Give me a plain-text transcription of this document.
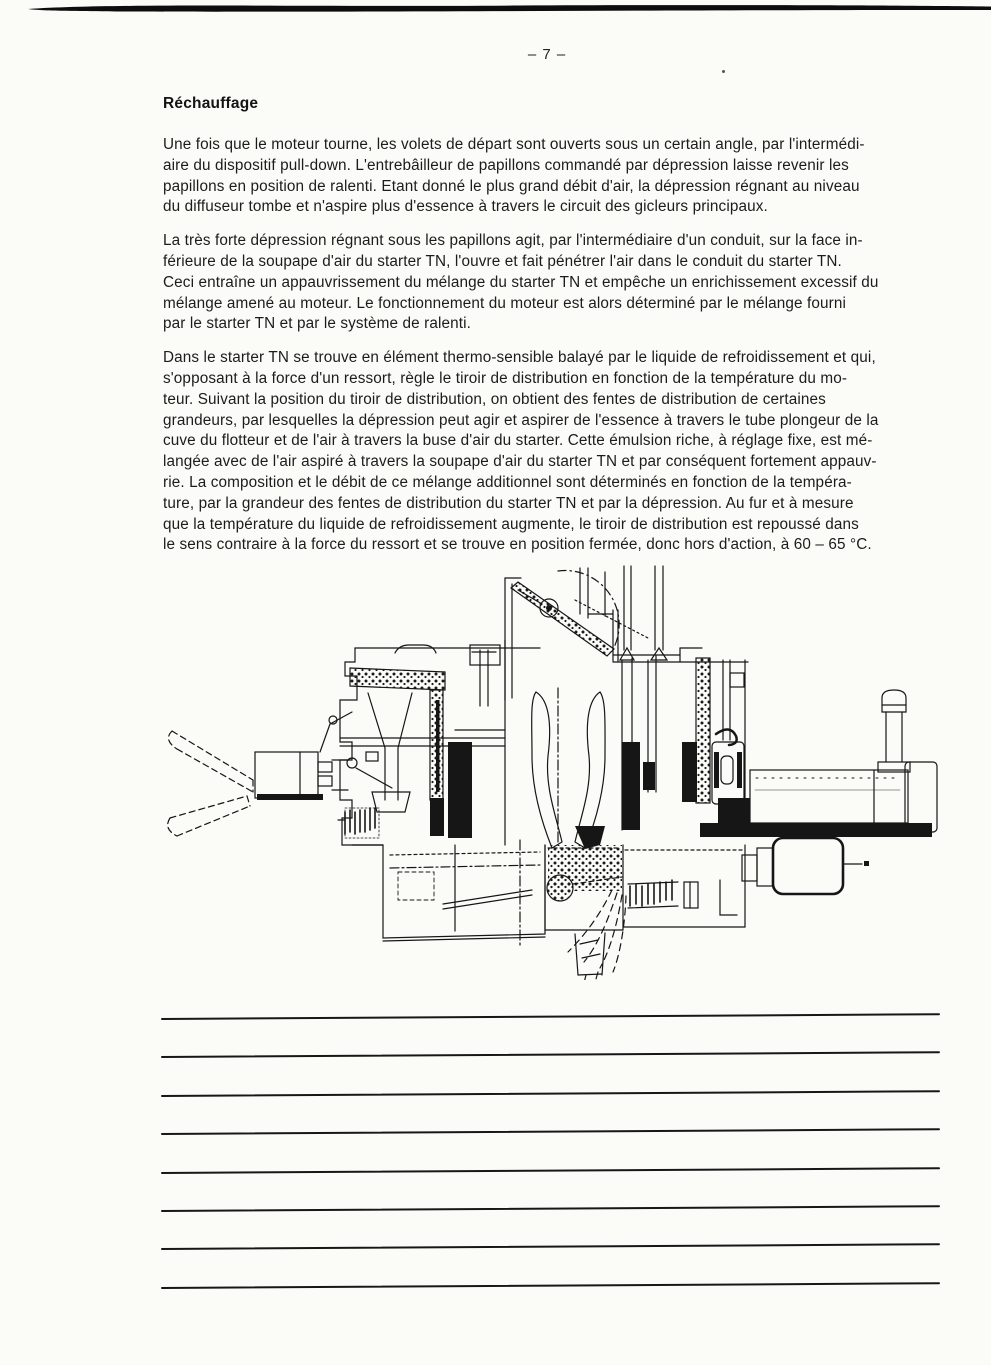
– 7 –
Réchauffage
Une fois que le moteur tourne, les volets de départ sont ouverts sous un certain angle, par l'intermédi-
aire du dispositif pull-down. L'entrebâilleur de papillons commandé par dépression laisse revenir les
papillons en position de ralenti. Etant donné le plus grand débit d'air, la dépression régnant au niveau
du diffuseur tombe et n'aspire plus d'essence à travers le circuit des gicleurs principaux.
La très forte dépression régnant sous les papillons agit, par l'intermédiaire d'un conduit, sur la face in-
férieure de la soupape d'air du starter TN, l'ouvre et fait pénétrer l'air dans le conduit du starter TN.
Ceci entraîne un appauvrissement du mélange du starter TN et empêche un enrichissement excessif du
mélange amené au moteur. Le fonctionnement du moteur est alors déterminé par le mélange fourni
par le starter TN et par le système de ralenti.
Dans le starter TN se trouve en élément thermo-sensible balayé par le liquide de refroidissement et qui,
s'opposant à la force d'un ressort, règle le tiroir de distribution en fonction de la température du mo-
teur. Suivant la position du tiroir de distribution, on obtient des fentes de distribution de certaines
grandeurs, par lesquelles la dépression peut agir et aspirer de l'essence à travers le tube plongeur de la
cuve du flotteur et de l'air à travers la buse d'air du starter. Cette émulsion riche, à réglage fixe, est mé-
langée avec de l'air aspiré à travers la soupape d'air du starter TN et par conséquent fortement appauv-
rie. La composition et le débit de ce mélange additionnel sont déterminés en fonction de la tempéra-
ture, par la grandeur des fentes de distribution du starter TN et par la dépression. Au fur et à mesure
que la température du liquide de refroidissement augmente, le tiroir de distribution est repoussé dans
le sens contraire à la force du ressort et se trouve en position fermée, donc hors d'action, à 60 – 65 °C.
